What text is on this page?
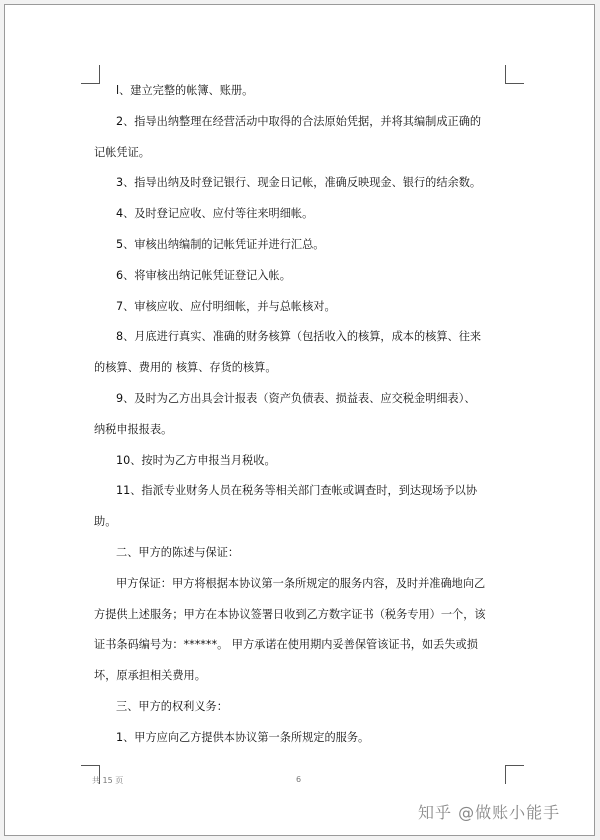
l、建立完整的帐簿、账册。

2、指导出纳整理在经营活动中取得的合法原始凭据，并将其编制成正确的

记帐凭证。

3、指导出纳及时登记银行、现金日记帐，准确反映现金、银行的结余数。

4、及时登记应收、应付等往来明细帐。

5、审核出纳编制的记帐凭证并进行汇总。

6、将审核出纳记帐凭证登记入帐。

7、审核应收、应付明细帐，并与总帐核对。

8、月底进行真实、准确的财务核算（包括收入的核算，成本的核算、往来

的核算、费用的 核算、存货的核算。

9、及时为乙方出具会计报表（资产负债表、损益表、应交税金明细表）、

纳税申报报表。

10、按时为乙方申报当月税收。

11、指派专业财务人员在税务等相关部门查帐或调查时，到达现场予以协

助。

二、甲方的陈述与保证：

甲方保证：甲方将根据本协议第一条所规定的服务内容，及时并准确地向乙

方提供上述服务；甲方在本协议签署日收到乙方数字证书（税务专用）一个，该

证书条码编号为：******。 甲方承诺在使用期内妥善保管该证书，如丢失或损

坏，原承担相关费用。

三、甲方的权利义务：

1、甲方应向乙方提供本协议第一条所规定的服务。

共 15 页	6
知乎 @做账小能手
